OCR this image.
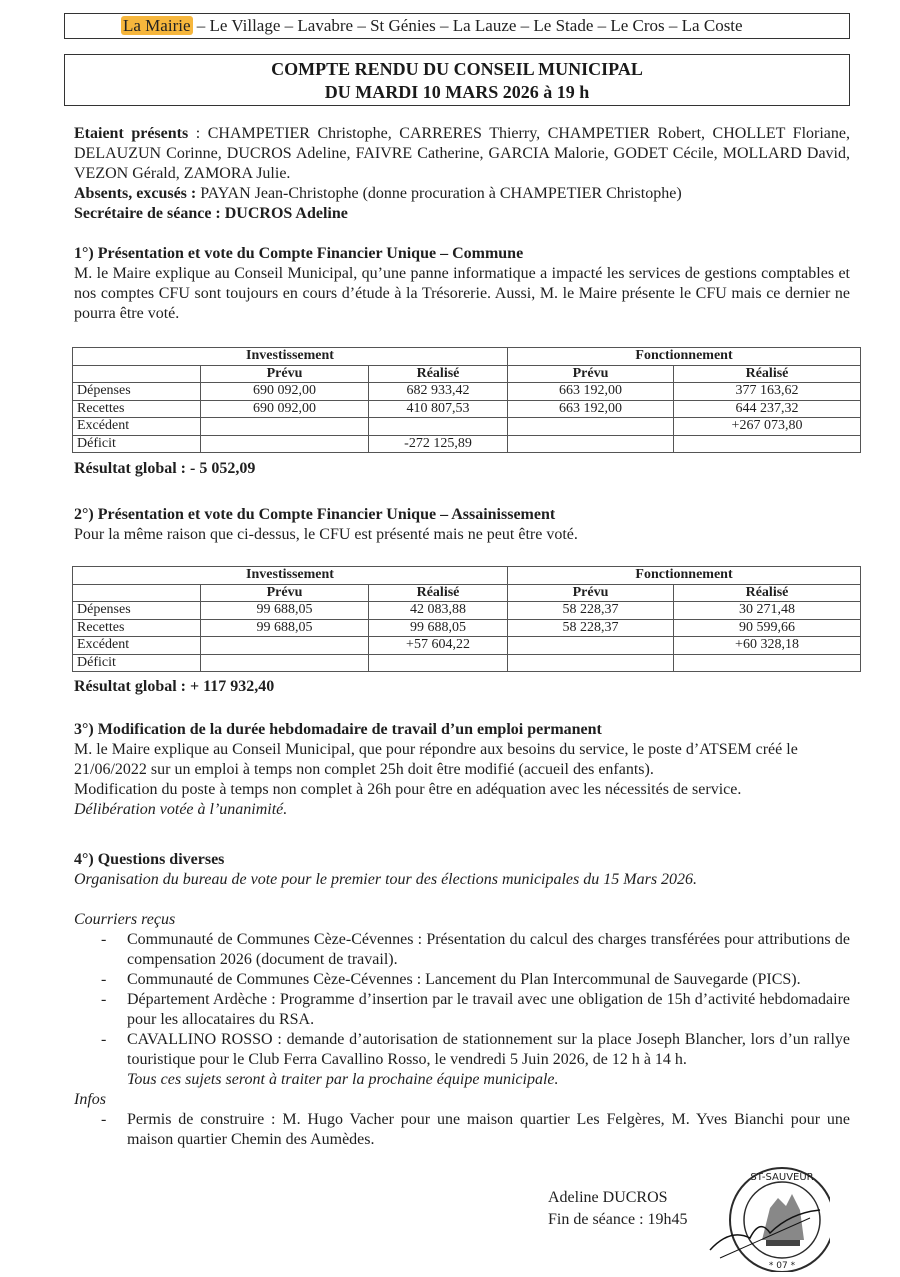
La Mairie – Le Village – Lavabre – St Génies – La Lauze – Le Stade – Le Cros – La Coste
COMPTE RENDU DU CONSEIL MUNICIPAL
DU MARDI 10 MARS 2026 à 19 h
Etaient présents : CHAMPETIER Christophe, CARRERES Thierry, CHAMPETIER Robert, CHOLLET Floriane, DELAUZUN Corinne, DUCROS Adeline, FAIVRE Catherine, GARCIA Malorie, GODET Cécile, MOLLARD David, VEZON Gérald, ZAMORA Julie.
Absents, excusés : PAYAN Jean-Christophe (donne procuration à CHAMPETIER Christophe)
Secrétaire de séance : DUCROS Adeline
1°) Présentation et vote du Compte Financier Unique – Commune
M. le Maire explique au Conseil Municipal, qu’une panne informatique a impacté les services de gestions comptables et nos comptes CFU sont toujours en cours d’étude à la Trésorerie. Aussi, M. le Maire présente le CFU mais ce dernier ne pourra être voté.
Investissement			Fonctionnement	
	Prévu	Réalisé	Prévu	Réalisé
Dépenses	690 092,00	682 933,42	663 192,00	377 163,62
Recettes	690 092,00	410 807,53	663 192,00	644 237,32
Excédent				+267 073,80
Déficit		-272 125,89		
Résultat global : - 5 052,09
2°) Présentation et vote du Compte Financier Unique – Assainissement
Pour la même raison que ci-dessus, le CFU est présenté mais ne peut être voté.
Investissement			Fonctionnement	
	Prévu	Réalisé	Prévu	Réalisé
Dépenses	99 688,05	42 083,88	58 228,37	30 271,48
Recettes	99 688,05	99 688,05	58 228,37	90 599,66
Excédent		+57 604,22		+60 328,18
Déficit				
Résultat global : + 117 932,40
3°) Modification de la durée hebdomadaire de travail d’un emploi permanent
M. le Maire explique au Conseil Municipal, que pour répondre aux besoins du service, le poste d’ATSEM créé le 21/06/2022 sur un emploi à temps non complet 25h doit être modifié (accueil des enfants).
Modification du poste à temps non complet à 26h pour être en adéquation avec les nécessités de service.
Délibération votée à l’unanimité.
4°) Questions diverses
Organisation du bureau de vote pour le premier tour des élections municipales du 15 Mars 2026.
Courriers reçus
- Communauté de Communes Cèze-Cévennes : Présentation du calcul des charges transférées pour attributions de compensation 2026 (document de travail).
- Communauté de Communes Cèze-Cévennes : Lancement du Plan Intercommunal de Sauvegarde (PICS).
- Département Ardèche : Programme d’insertion par le travail avec une obligation de 15h d’activité hebdomadaire pour les allocataires du RSA.
- CAVALLINO ROSSO : demande d’autorisation de stationnement sur la place Joseph Blancher, lors d’un rallye touristique pour le Club Ferra Cavallino Rosso, le vendredi 5 Juin 2026, de 12 h à 14 h.
Tous ces sujets seront à traiter par la prochaine équipe municipale.
Infos
- Permis de construire : M. Hugo Vacher pour une maison quartier Les Felgères, M. Yves Bianchi pour une maison quartier Chemin des Aumèdes.
Adeline DUCROS
Fin de séance : 19h45
ST-SAUVEUR
* 07 *
